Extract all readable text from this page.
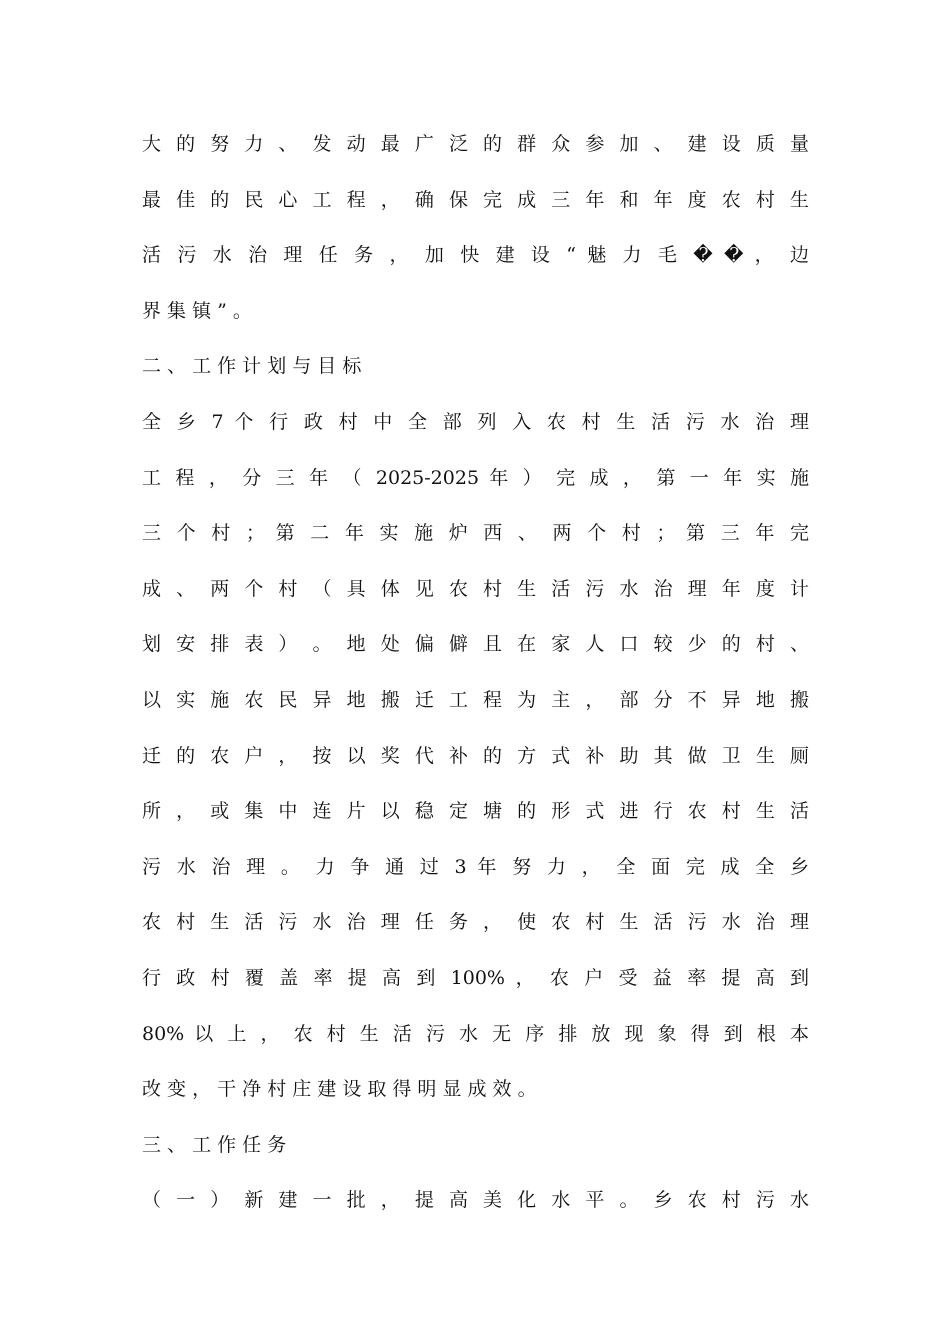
大 的 努 力 、 发 动 最 广 泛 的 群 众 参 加 、 建 设 质 量
最 佳 的 民 心 工 程 ， 确 保 完 成 三 年 和 年 度 农 村 生
活 污 水 治 理 任 务 ， 加 快 建 设 “ 魅 力 毛 � � ， 边
界 集 镇 ” 。
二 、 工 作 计 划 与 目 标
全 乡 7 个 行 政 村 中 全 部 列 入 农 村 生 活 污 水 治 理
工 程 ， 分 三 年 （ 2025-2025 年 ） 完 成 ， 第 一 年 实 施
三 个 村 ； 第 二 年 实 施 炉 西 、 两 个 村 ； 第 三 年 完
成 、 两 个 村 （ 具 体 见 农 村 生 活 污 水 治 理 年 度 计
划 安 排 表 ） 。 地 处 偏 僻 且 在 家 人 口 较 少 的 村 、
以 实 施 农 民 异 地 搬 迁 工 程 为 主 ， 部 分 不 异 地 搬
迁 的 农 户 ， 按 以 奖 代 补 的 方 式 补 助 其 做 卫 生 厕
所 ， 或 集 中 连 片 以 稳 定 塘 的 形 式 进 行 农 村 生 活
污 水 治 理 。 力 争 通 过 3 年 努 力 ， 全 面 完 成 全 乡
农 村 生 活 污 水 治 理 任 务 ， 使 农 村 生 活 污 水 治 理
行 政 村 覆 盖 率 提 高 到 100% ， 农 户 受 益 率 提 高 到
80% 以 上 ， 农 村 生 活 污 水 无 序 排 放 现 象 得 到 根 本
改 变 ， 干 净 村 庄 建 设 取 得 明 显 成 效 。
三 、 工 作 任 务
（ 一 ） 新 建 一 批 ， 提 高 美 化 水 平 。 乡 农 村 污 水
